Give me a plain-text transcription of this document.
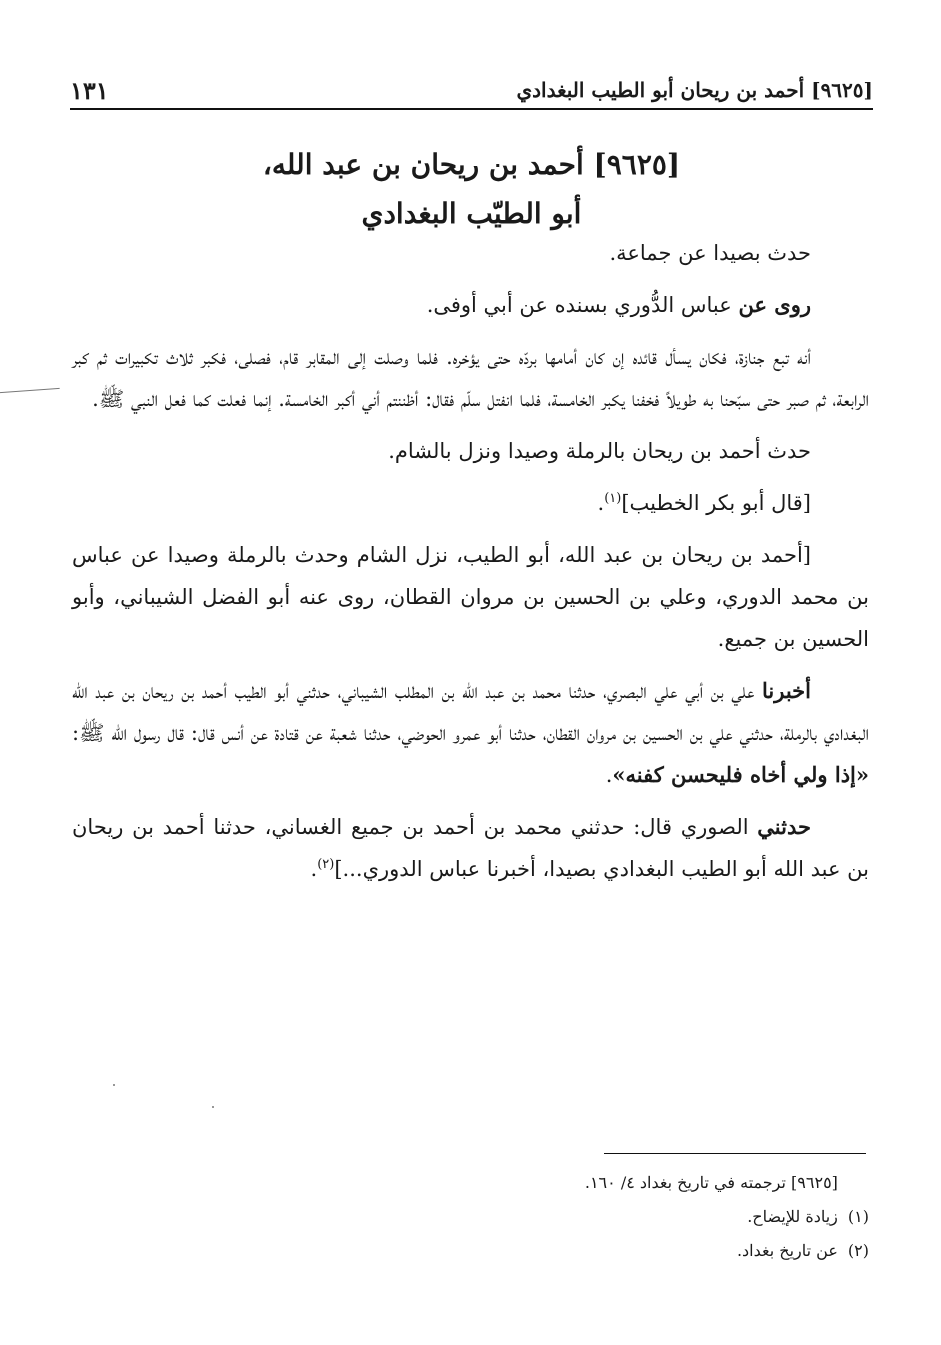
[٩٦٢٥] أحمد بن ريحان أبو الطيب البغدادي
١٣١
[٩٦٢٥] أحمد بن ريحان بن عبد الله،
أبو الطيّب البغدادي

حدث بصيدا عن جماعة.

روى عن عباس الدُّوري بسنده عن أبي أوفى.

أنه تبع جنازة، فكان يسأل قائده إن كان أمامها بردّه حتى يؤخره. فلما وصلت إلى المقابر قام، فصلى، فكبر ثلاث تكبيرات ثم كبر الرابعة، ثم صبر حتى سبّحنا به طويلاً فخفنا يكبر الخامسة، فلما انفتل سلّم فقال: أظننتم أني أكبر الخامسة. إنما فعلت كما فعل النبي ﷺ.

حدث أحمد بن ريحان بالرملة وصيدا ونزل بالشام.

[قال أبو بكر الخطيب]$^{(١)}$.

[أحمد بن ريحان بن عبد الله، أبو الطيب، نزل الشام وحدث بالرملة وصيدا عن عباس بن محمد الدوري، وعلي بن الحسين بن مروان القطان، روى عنه أبو الفضل الشيباني، وأبو الحسين بن جميع.

أخبرنا علي بن أبي علي البصري، حدثنا محمد بن عبد الله بن المطلب الشيباني، حدثني أبو الطيب أحمد بن ريحان بن عبد الله البغدادي بالرملة، حدثني علي بن الحسين بن مروان القطان، حدثنا أبو عمرو الحوضي، حدثنا شعبة عن قتادة عن أنس قال: قال رسول الله ﷺ: «إذا ولي أخاه فليحسن كفنه».

حدثني الصوري قال: حدثني محمد بن أحمد بن جميع الغساني، حدثنا أحمد بن ريحان بن عبد الله أبو الطيب البغدادي بصيدا، أخبرنا عباس الدوري...]$^{(٢)}$.

[٩٦٢٥] ترجمته في تاريخ بغداد ٤/ ١٦٠.
(١) زيادة للإيضاح.
(٢) عن تاريخ بغداد.
